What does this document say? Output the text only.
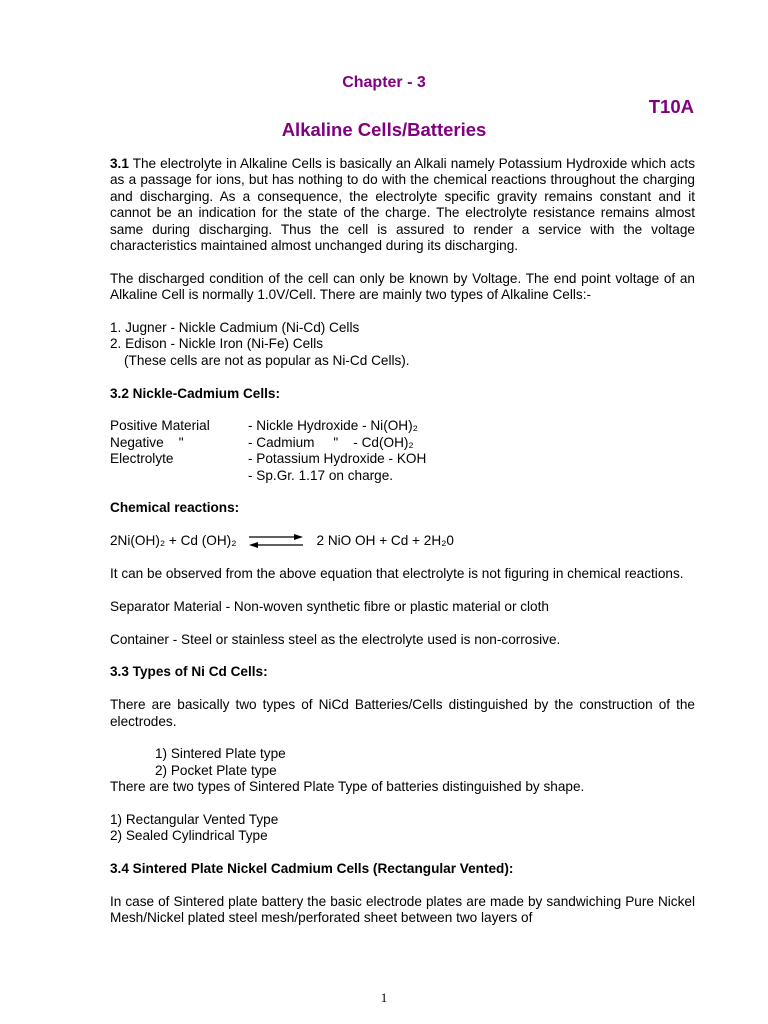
Chapter - 3
T10A
Alkaline Cells/Batteries

3.1 The electrolyte in Alkaline Cells is basically an Alkali namely Potassium Hydroxide which acts as a passage for ions, but has nothing to do with the chemical reactions throughout the charging and discharging. As a consequence, the electrolyte specific gravity remains constant and it cannot be an indication for the state of the charge. The electrolyte resistance remains almost same during discharging. Thus the cell is assured to render a service with the voltage characteristics maintained almost unchanged during its discharging.

The discharged condition of the cell can only be known by Voltage. The end point voltage of an Alkaline Cell is normally 1.0V/Cell. There are mainly two types of Alkaline Cells:-

1. Jugner - Nickle Cadmium (Ni-Cd) Cells
2. Edison - Nickle Iron (Ni-Fe) Cells
(These cells are not as popular as Ni-Cd Cells).
3.2 Nickle-Cadmium Cells:
Positive Material	- Nickle Hydroxide - Ni(OH)₂
Negative    "	- Cadmium     "    - Cd(OH)₂
Electrolyte	- Potassium Hydroxide - KOH
- Sp.Gr. 1.17 on charge.
Chemical reactions:
2Ni(OH)₂ + Cd (OH)₂	2 NiO OH + Cd + 2H₂0

It can be observed from the above equation that electrolyte is not figuring in chemical reactions.

Separator Material - Non-woven synthetic fibre or plastic material or cloth

Container - Steel or stainless steel as the electrolyte used is non-corrosive.

3.3 Types of Ni Cd Cells:

There are basically two types of NiCd Batteries/Cells distinguished by the construction of the electrodes.

1) Sintered Plate type
2) Pocket Plate type

There are two types of Sintered Plate Type of batteries distinguished by shape.

1) Rectangular Vented Type
2) Sealed Cylindrical Type
3.4 Sintered Plate Nickel Cadmium Cells (Rectangular Vented):

In case of Sintered plate battery the basic electrode plates are made by sandwiching Pure Nickel Mesh/Nickel plated steel mesh/perforated sheet between two layers of

1
